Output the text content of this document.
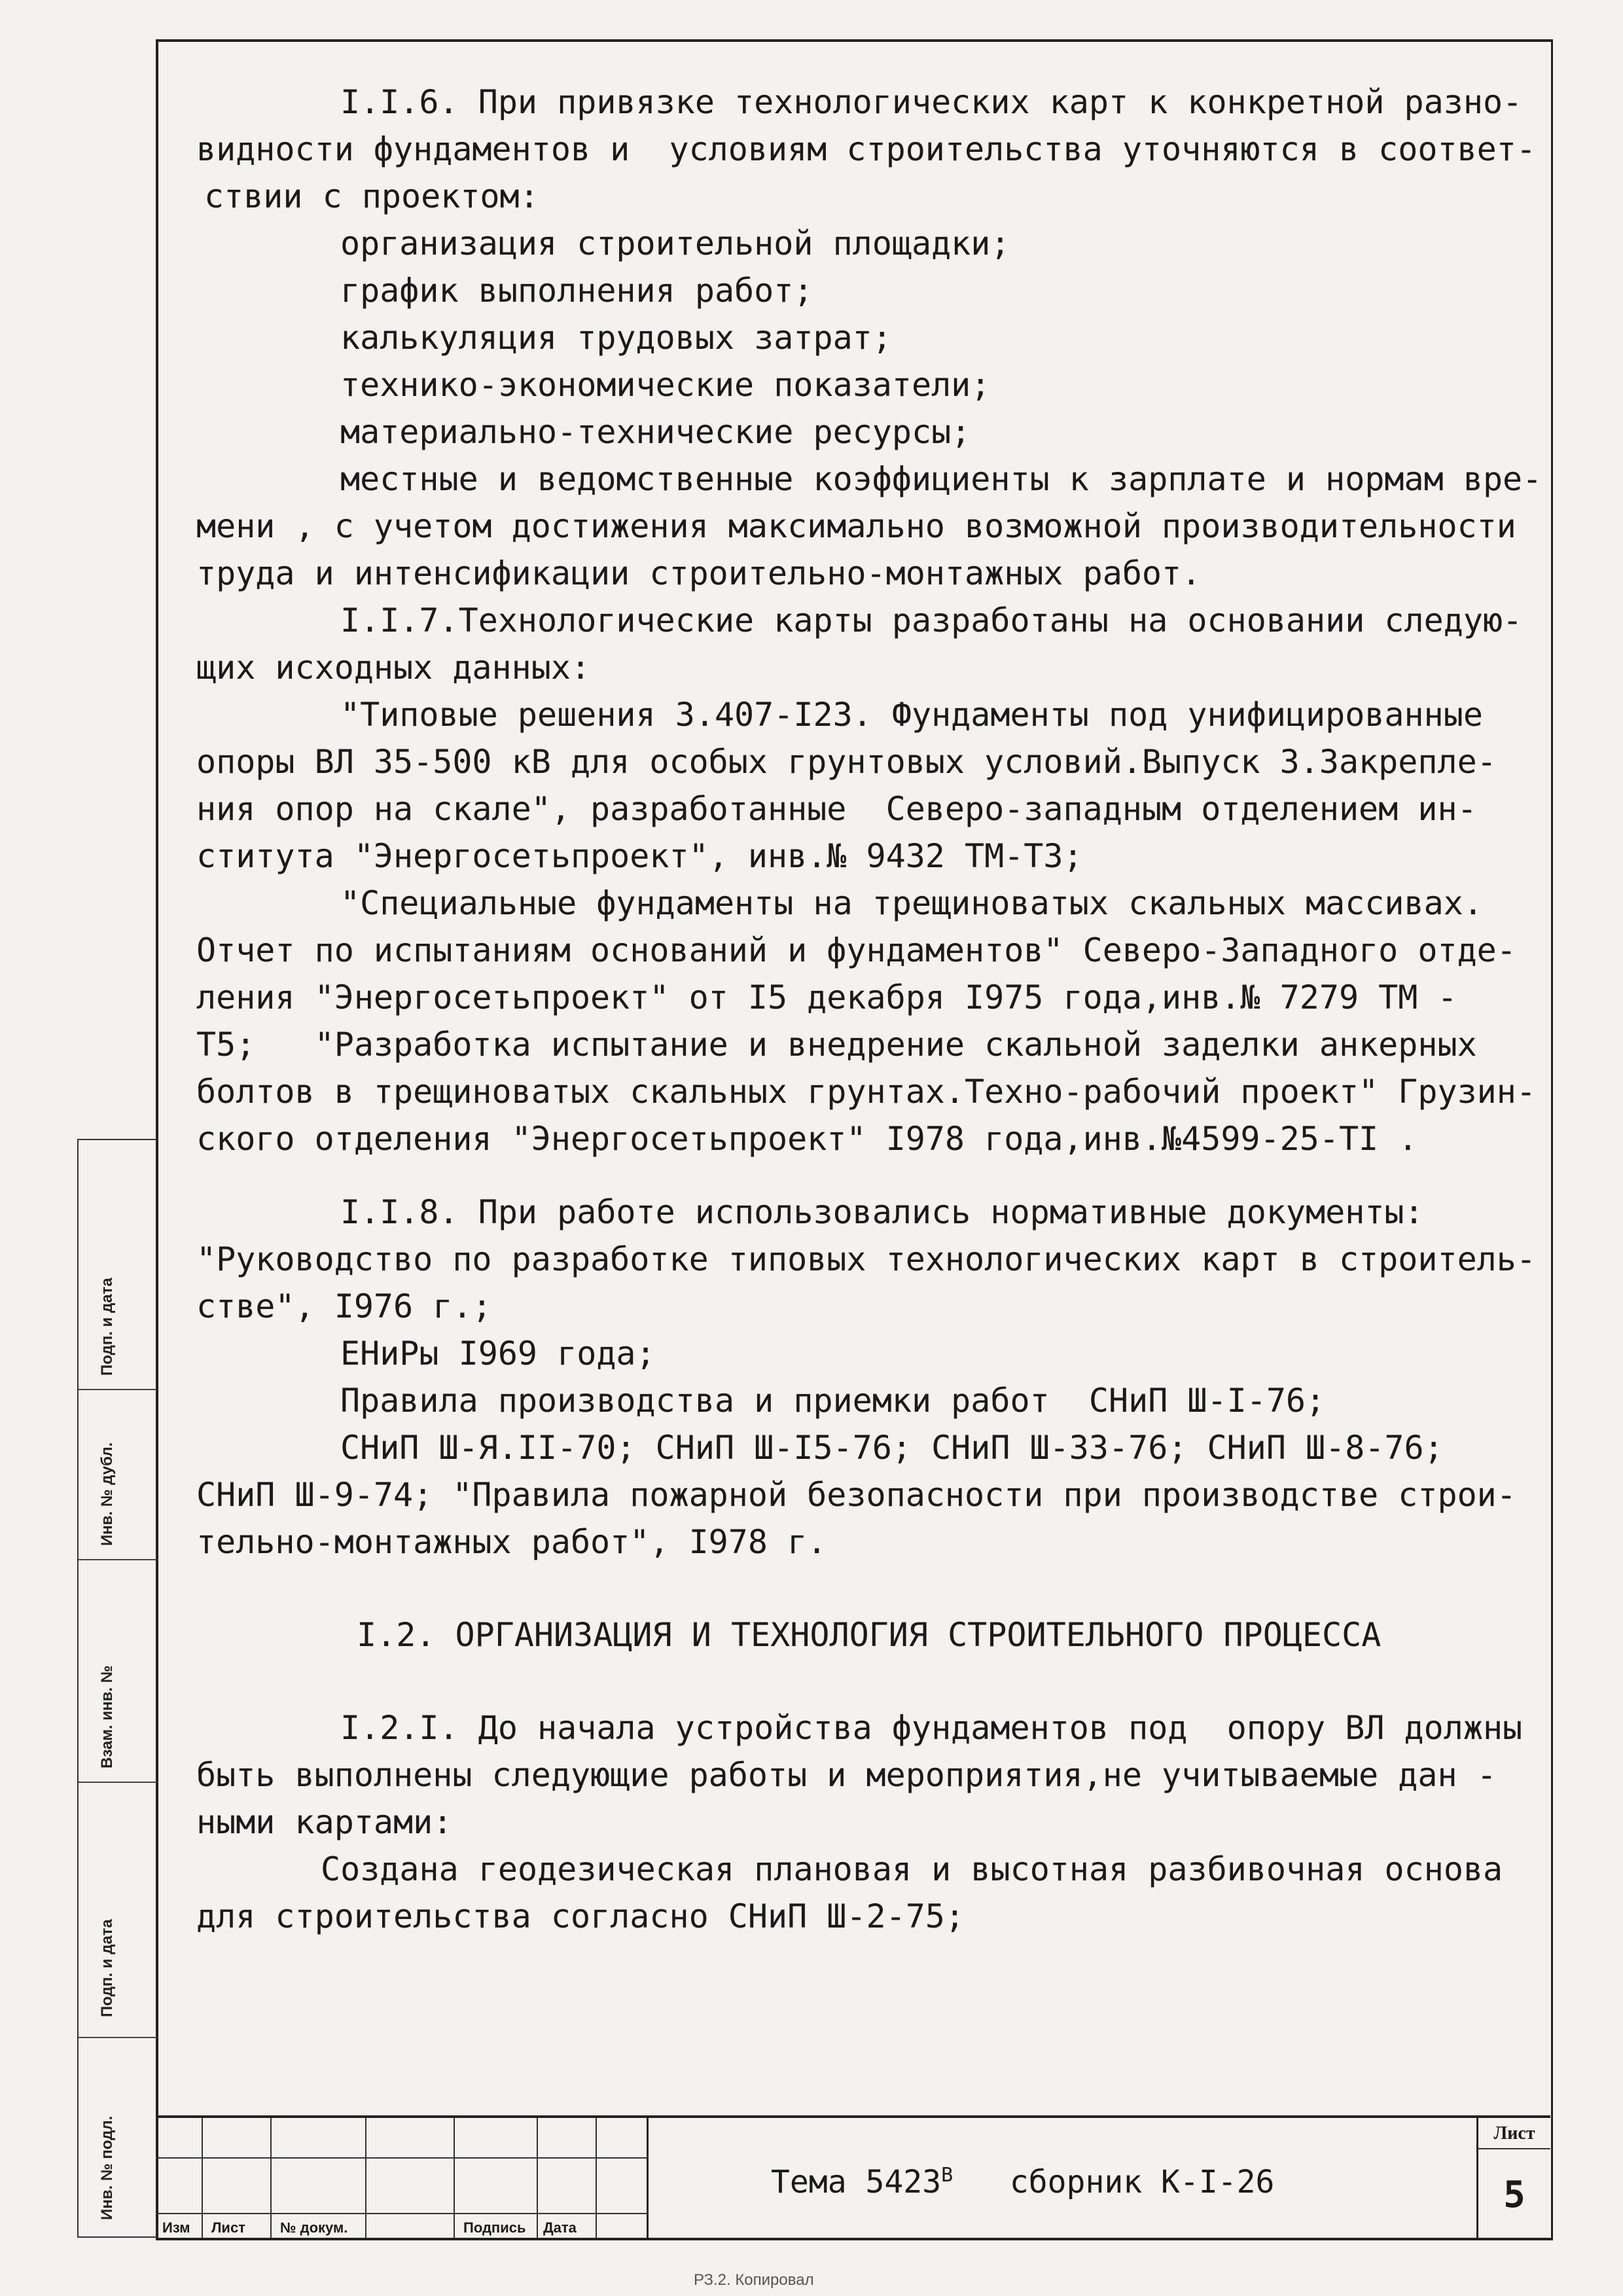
Инв. № подл.
Подп. и дата
Взам. инв. №
Инв. № дубл.
Подп. и дата
I.I.6. При привязке технологических карт к конкретной разно-
видности фундаментов и  условиям строительства уточняются в соответ-
ствии с проектом:
организация строительной площадки;
график выполнения работ;
калькуляция трудовых затрат;
технико-экономические показатели;
материально-технические ресурсы;
местные и ведомственные коэффициенты к зарплате и нормам вре-
мени , с учетом достижения максимально возможной производительности
труда и интенсификации строительно-монтажных работ.
I.I.7.Технологические карты разработаны на основании следую-
щих исходных данных:
"Типовые решения 3.407-I23. Фундаменты под унифицированные
опоры ВЛ 35-500 кВ для особых грунтовых условий.Выпуск 3.Закрепле-
ния опор на скале", разработанные  Северо-западным отделением ин-
ститута "Энергосетьпроект", инв.№ 9432 ТМ-Т3;
"Специальные фундаменты на трещиноватых скальных массивах.
Отчет по испытаниям оснований и фундаментов" Северо-Западного отде-
ления "Энергосетьпроект" от I5 декабря I975 года,инв.№ 7279 ТМ -
Т5;   "Разработка испытание и внедрение скальной заделки анкерных
болтов в трещиноватых скальных грунтах.Техно-рабочий проект" Грузин-
ского отделения "Энергосетьпроект" I978 года,инв.№4599-25-ТI .
I.I.8. При работе использовались нормативные документы:
"Руководство по разработке типовых технологических карт в строитель-
стве", I976 г.;
ЕНиРы I969 года;
Правила производства и приемки работ  СНиП Ш-I-76;
СНиП Ш-Я.II-70; СНиП Ш-I5-76; СНиП Ш-33-76; СНиП Ш-8-76;
СНиП Ш-9-74; "Правила пожарной безопасности при производстве строи-
тельно-монтажных работ", I978 г.
I.2. ОРГАНИЗАЦИЯ И ТЕХНОЛОГИЯ СТРОИТЕЛЬНОГО ПРОЦЕССА
I.2.I. До начала устройства фундаментов под  опору ВЛ должны
быть выполнены следующие работы и мероприятия,не учитываемые дан -
ными картами:
Создана геодезическая плановая и высотная разбивочная основа
для строительства согласно СНиП Ш-2-75;
Изм Лист № докум.	Подпись Дата
Тема $5423^В$ сборник К-I-26
Лист
5
РЗ.2. Копировал
